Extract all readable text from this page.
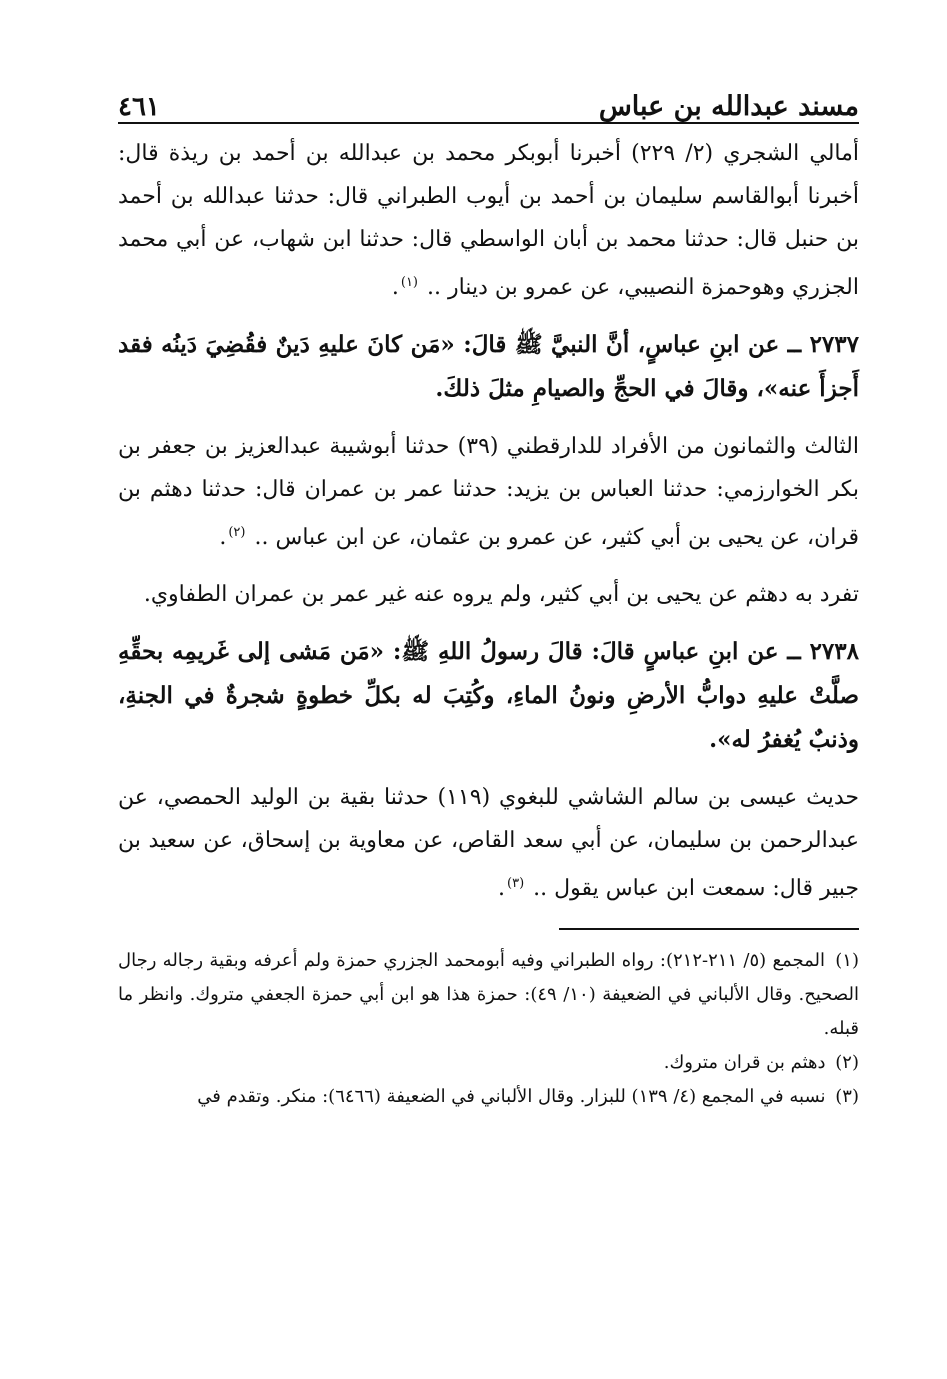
مسند عبدالله بن عباس
٤٦١

أمالي الشجري (٢/ ٢٢٩) أخبرنا أبوبكر محمد بن عبدالله بن أحمد بن ريذة قال: أخبرنا أبوالقاسم سليمان بن أحمد بن أيوب الطبراني قال: حدثنا عبدالله بن أحمد بن حنبل قال: حدثنا محمد بن أبان الواسطي قال: حدثنا ابن شهاب، عن أبي محمد الجزري وهوحمزة النصيبي، عن عمرو بن دينار .. $^{(١)}$.

٢٧٣٧ ــ عن ابنِ عباسٍ، أنَّ النبيَّ ﷺ قالَ: «مَن كانَ عليهِ دَينٌ فقُضِيَ دَينُه فقد أَجزأَ عنه»، وقالَ في الحجِّ والصيامِ مثلَ ذلكَ.

الثالث والثمانون من الأفراد للدارقطني (٣٩) حدثنا أبوشيبة عبدالعزيز بن جعفر بن بكر الخوارزمي: حدثنا العباس بن يزيد: حدثنا عمر بن عمران قال: حدثنا دهثم بن قران، عن يحيى بن أبي كثير، عن عمرو بن عثمان، عن ابن عباس .. $^{(٢)}$.

تفرد به دهثم عن يحيى بن أبي كثير، ولم يروه عنه غير عمر بن عمران الطفاوي.

٢٧٣٨ ــ عن ابنِ عباسٍ قالَ: قالَ رسولُ اللهِ ﷺ: «مَن مَشى إلى غَريمِه بحقِّهِ صلَّتْ عليهِ دوابُّ الأرضِ ونونُ الماءِ، وكُتِبَ له بكلِّ خطوةٍ شجرةٌ في الجنةِ، وذنبٌ يُغفرُ له».

حديث عيسى بن سالم الشاشي للبغوي (١١٩) حدثنا بقية بن الوليد الحمصي، عن عبدالرحمن بن سليمان، عن أبي سعد القاص، عن معاوية بن إسحاق، عن سعيد بن جبير قال: سمعت ابن عباس يقول .. $^{(٣)}$.

(١) المجمع (٥/ ٢١١-٢١٢): رواه الطبراني وفيه أبومحمد الجزري حمزة ولم أعرفه وبقية رجاله رجال الصحيح. وقال الألباني في الضعيفة (١٠/ ٤٩): حمزة هذا هو ابن أبي حمزة الجعفي متروك. وانظر ما قبله.

(٢) دهثم بن قران متروك.

(٣) نسبه في المجمع (٤/ ١٣٩) للبزار. وقال الألباني في الضعيفة (٦٤٦٦): منكر. وتقدم في
